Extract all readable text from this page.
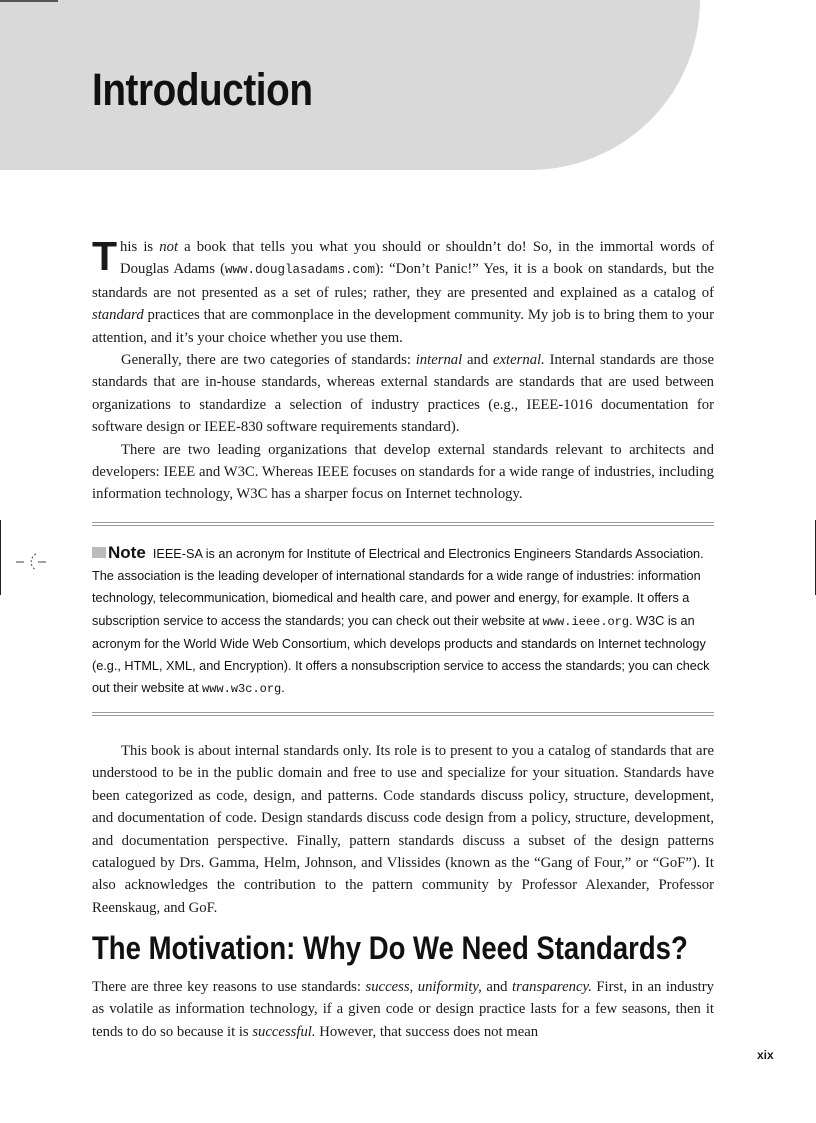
Introduction

This is not a book that tells you what you should or shouldn’t do! So, in the immortal words of Douglas Adams (www.douglasadams.com): “Don’t Panic!” Yes, it is a book on standards, but the standards are not presented as a set of rules; rather, they are presented and explained as a catalog of standard practices that are commonplace in the development community. My job is to bring them to your attention, and it’s your choice whether you use them.

Generally, there are two categories of standards: internal and external. Internal standards are those standards that are in-house standards, whereas external standards are standards that are used between organizations to standardize a selection of industry practices (e.g., IEEE-1016 documentation for software design or IEEE-830 software requirements standard).

There are two leading organizations that develop external standards relevant to architects and developers: IEEE and W3C. Whereas IEEE focuses on standards for a wide range of industries, including information technology, W3C has a sharper focus on Internet technology.

Note IEEE-SA is an acronym for Institute of Electrical and Electronics Engineers Standards Association. The association is the leading developer of international standards for a wide range of industries: information technology, telecommunication, biomedical and health care, and power and energy, for example. It offers a subscription service to access the standards; you can check out their website at www.ieee.org. W3C is an acronym for the World Wide Web Consortium, which develops products and standards on Internet technology (e.g., HTML, XML, and Encryption). It offers a nonsubscription service to access the standards; you can check out their website at www.w3c.org.

This book is about internal standards only. Its role is to present to you a catalog of standards that are understood to be in the public domain and free to use and specialize for your situation. Standards have been categorized as code, design, and patterns. Code standards discuss policy, structure, development, and documentation of code. Design standards discuss code design from a policy, structure, development, and documentation perspective. Finally, pattern standards discuss a subset of the design patterns catalogued by Drs. Gamma, Helm, Johnson, and Vlissides (known as the “Gang of Four,” or “GoF”). It also acknowledges the contribution to the pattern community by Professor Alexander, Professor Reenskaug, and GoF.

The Motivation: Why Do We Need Standards?

There are three key reasons to use standards: success, uniformity, and transparency. First, in an industry as volatile as information technology, if a given code or design practice lasts for a few seasons, then it tends to do so because it is successful. However, that success does not mean

xix
